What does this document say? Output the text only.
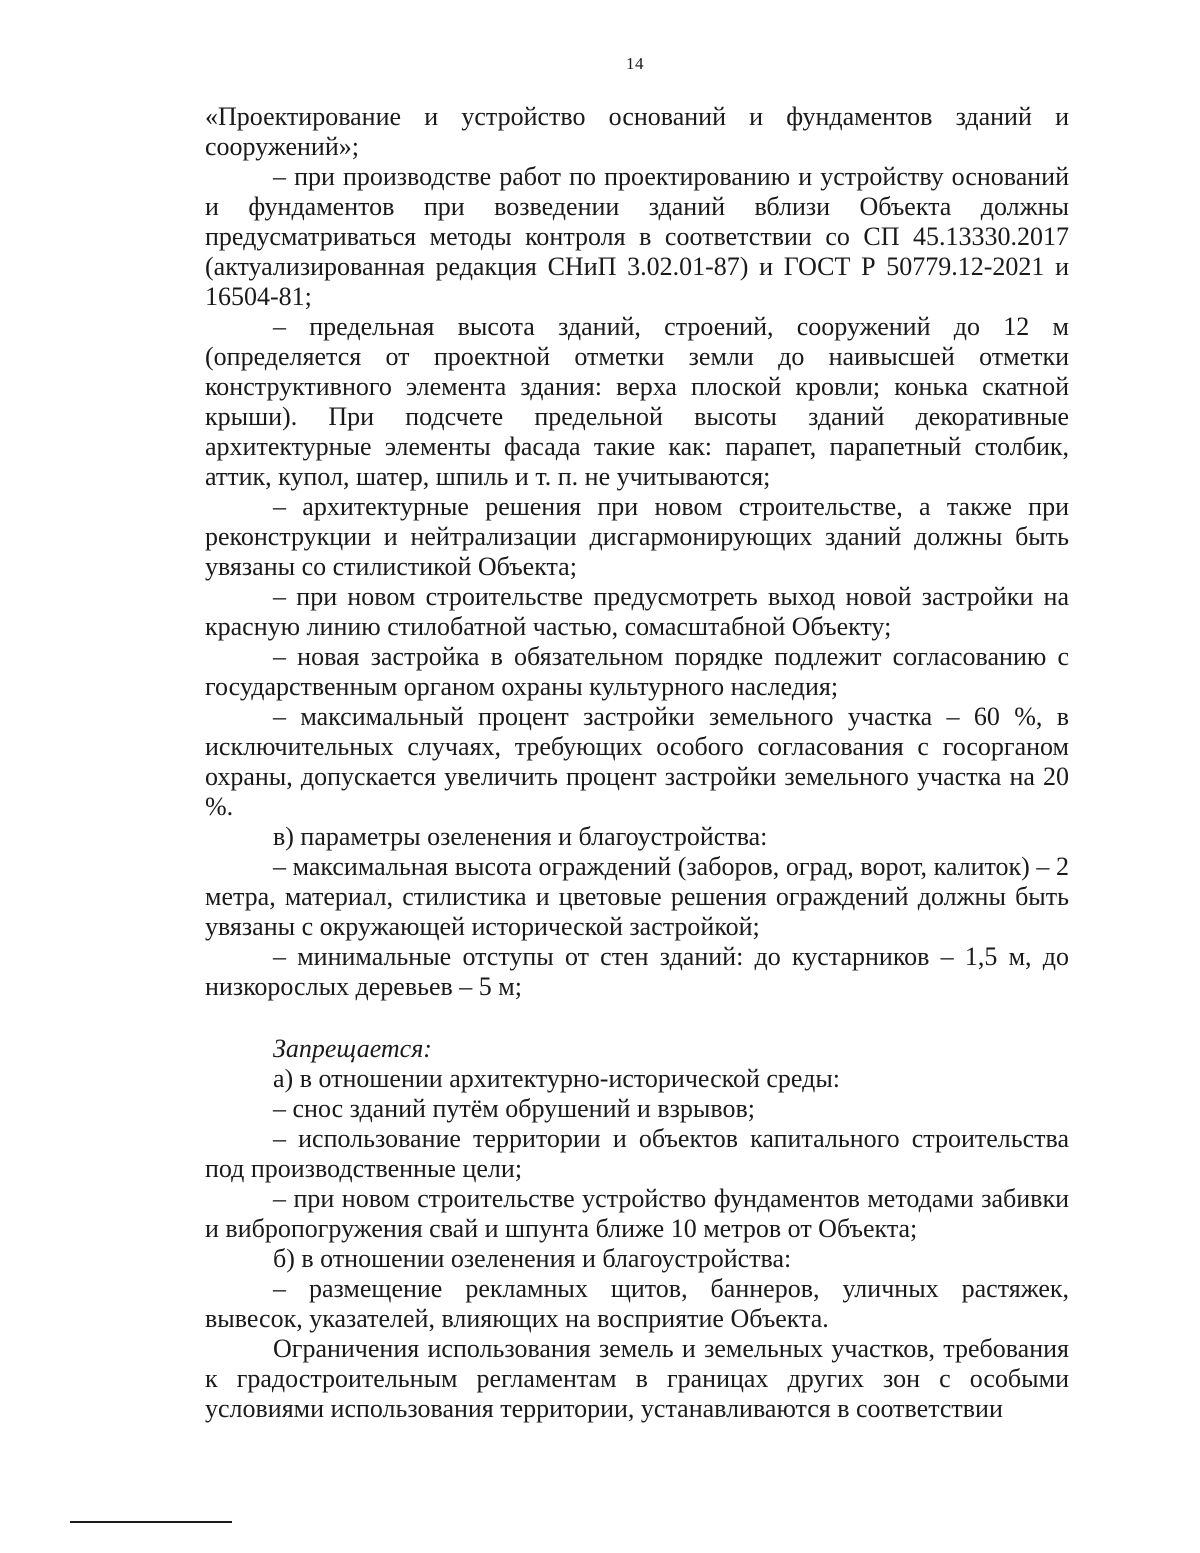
14

«Проектирование и устройство оснований и фундаментов зданий и сооружений»;

– при производстве работ по проектированию и устройству оснований и фундаментов при возведении зданий вблизи Объекта должны предусматриваться методы контроля в соответствии со СП 45.13330.2017 (актуализированная редакция СНиП 3.02.01-87) и ГОСТ Р 50779.12-2021 и 16504-81;

– предельная высота зданий, строений, сооружений до 12 м (определяется от проектной отметки земли до наивысшей отметки конструктивного элемента здания: верха плоской кровли; конька скатной крыши). При подсчете предельной высоты зданий декоративные архитектурные элементы фасада такие как: парапет, парапетный столбик, аттик, купол, шатер, шпиль и т. п. не учитываются;

– архитектурные решения при новом строительстве, а также при реконструкции и нейтрализации дисгармонирующих зданий должны быть увязаны со стилистикой Объекта;

– при новом строительстве предусмотреть выход новой застройки на красную линию стилобатной частью, сомасштабной Объекту;

– новая застройка в обязательном порядке подлежит согласованию с государственным органом охраны культурного наследия;

– максимальный процент застройки земельного участка – 60 %, в исключительных случаях, требующих особого согласования с госорганом охраны, допускается увеличить процент застройки земельного участка на 20 %.

в) параметры озеленения и благоустройства:

– максимальная высота ограждений (заборов, оград, ворот, калиток) – 2 метра, материал, стилистика и цветовые решения ограждений должны быть увязаны с окружающей исторической застройкой;

– минимальные отступы от стен зданий: до кустарников – 1,5 м, до низкорослых деревьев – 5 м;

Запрещается:

а) в отношении архитектурно-исторической среды:

– снос зданий путём обрушений и взрывов;

– использование территории и объектов капитального строительства под производственные цели;

– при новом строительстве устройство фундаментов методами забивки и вибропогружения свай и шпунта ближе 10 метров от Объекта;

б) в отношении озеленения и благоустройства:

– размещение рекламных щитов, баннеров, уличных растяжек, вывесок, указателей, влияющих на восприятие Объекта.

Ограничения использования земель и земельных участков, требования к градостроительным регламентам в границах других зон с особыми условиями использования территории, устанавливаются в соответствии
